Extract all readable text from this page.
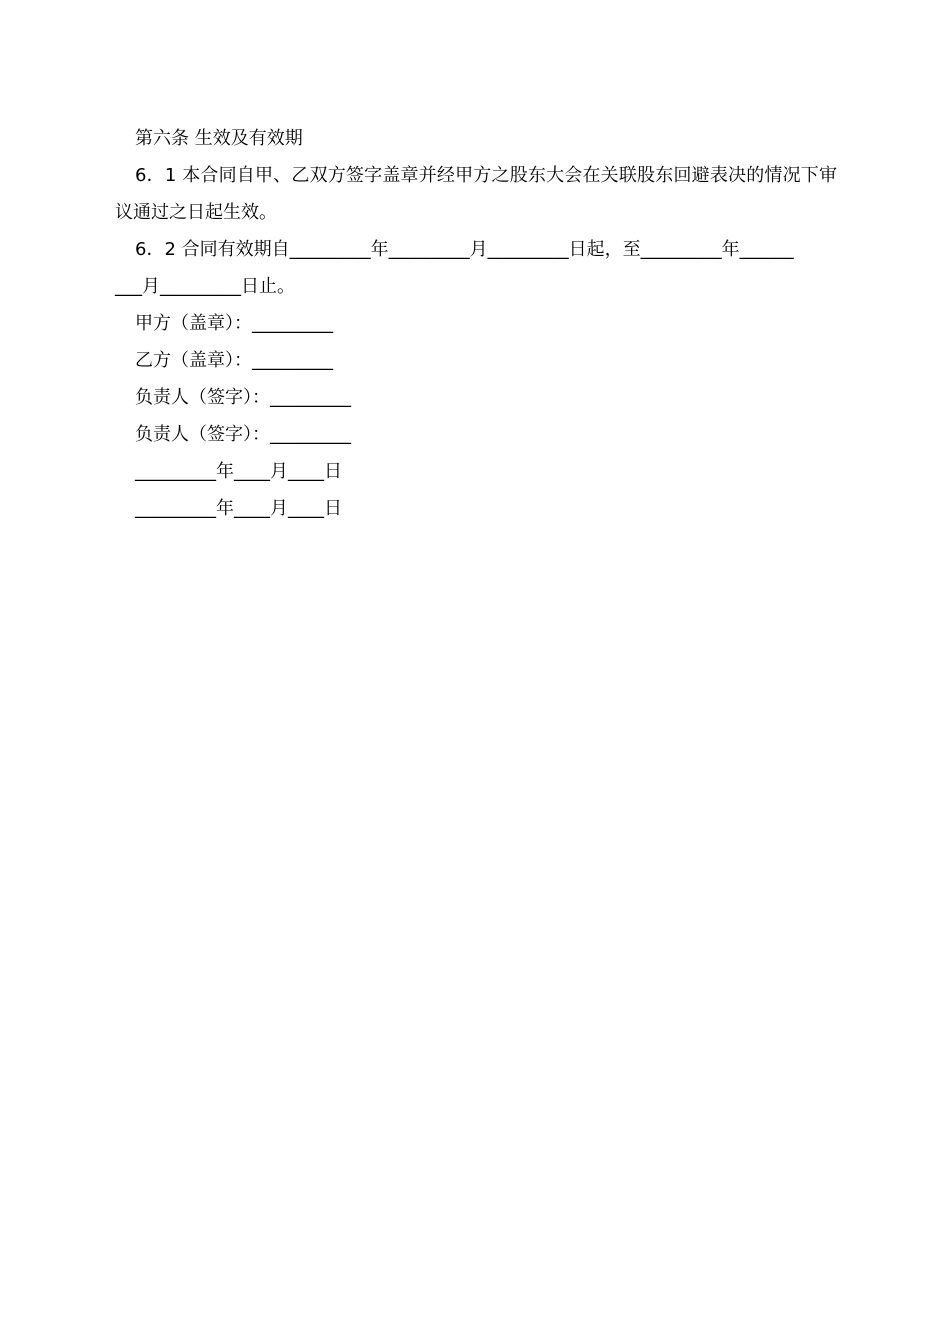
第六条 生效及有效期
6．1 本合同自甲、乙双方签字盖章并经甲方之股东大会在关联股东回避表决的情况下审议通过之日起生效。
6．2 合同有效期自_________年_________月_________日起，至_________年______
___月_________日止。
甲方（盖章）：_________
乙方（盖章）：_________
负责人（签字）：_________
负责人（签字）：_________
_________年____月____日
_________年____月____日
